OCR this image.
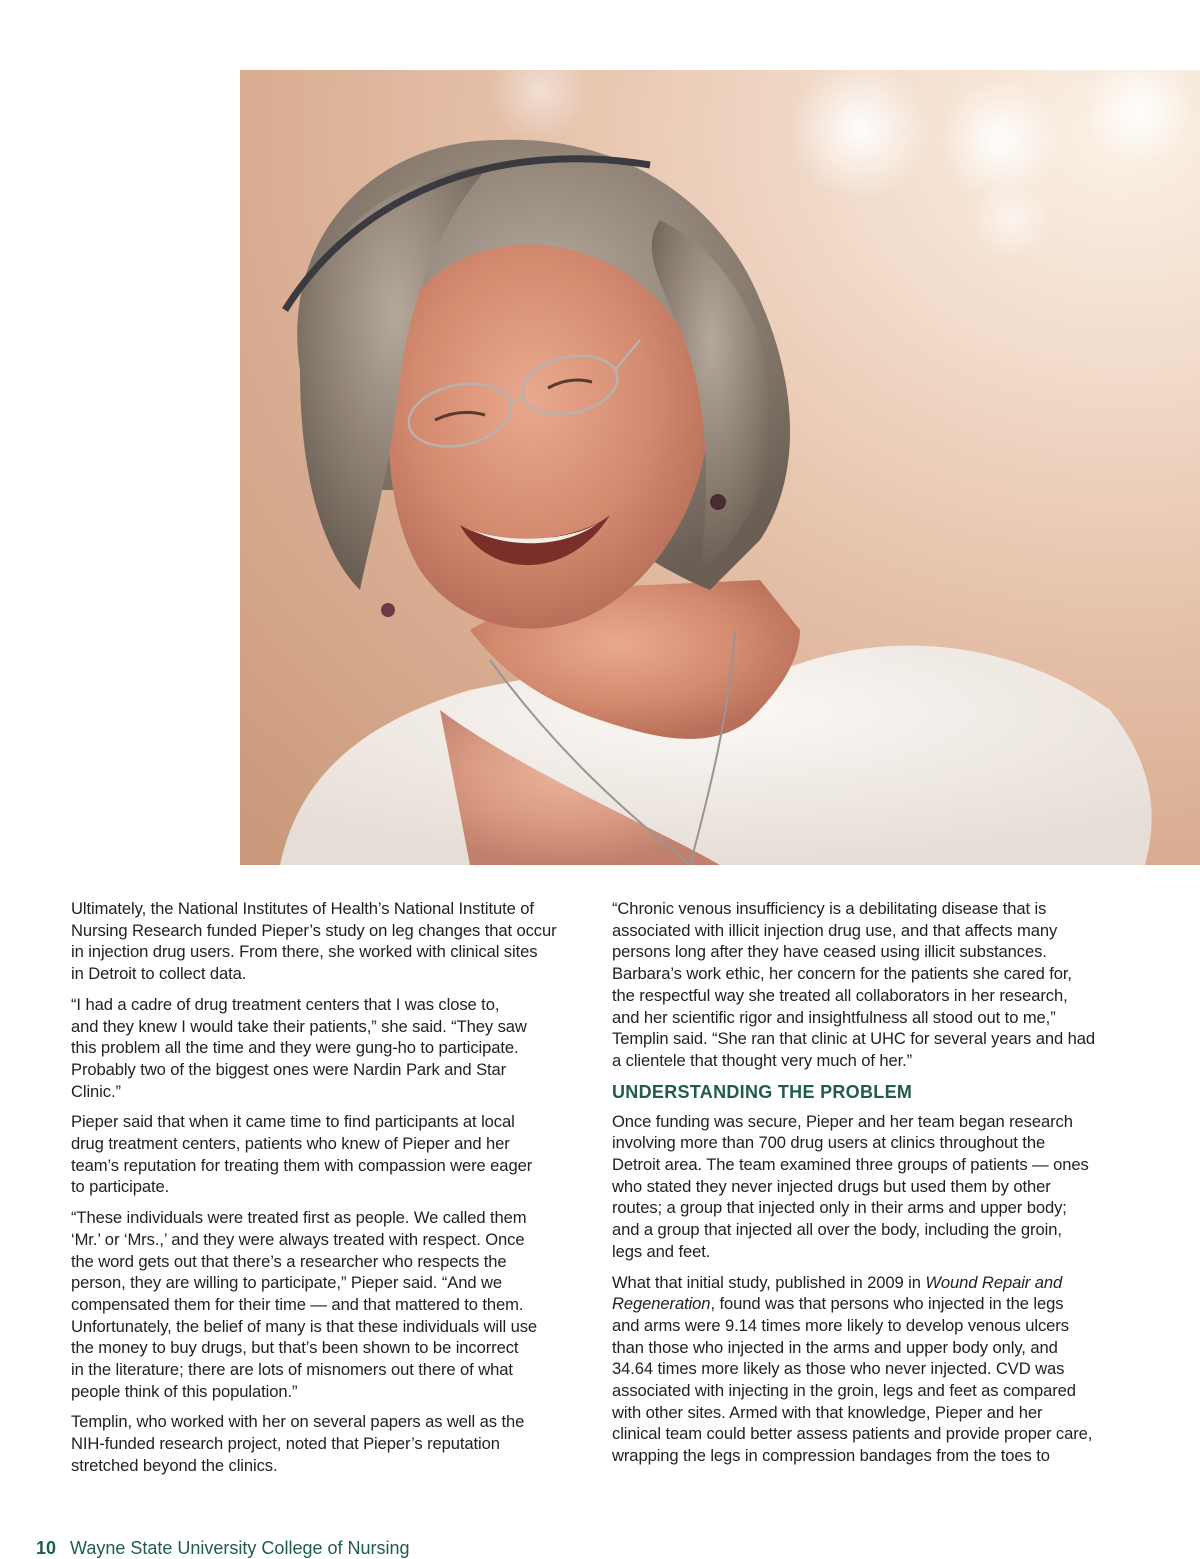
Ultimately, the National Institutes of Health’s National Institute of
Nursing Research funded Pieper’s study on leg changes that occur
in injection drug users. From there, she worked with clinical sites
in Detroit to collect data.

“I had a cadre of drug treatment centers that I was close to,
and they knew I would take their patients,” she said. “They saw
this problem all the time and they were gung-ho to participate.
Probably two of the biggest ones were Nardin Park and Star
Clinic.”

Pieper said that when it came time to find participants at local
drug treatment centers, patients who knew of Pieper and her
team’s reputation for treating them with compassion were eager
to participate.

“These individuals were treated first as people. We called them
‘Mr.’ or ‘Mrs.,’ and they were always treated with respect. Once
the word gets out that there’s a researcher who respects the
person, they are willing to participate,” Pieper said. “And we
compensated them for their time — and that mattered to them.
Unfortunately, the belief of many is that these individuals will use
the money to buy drugs, but that’s been shown to be incorrect
in the literature; there are lots of misnomers out there of what
people think of this population.”

Templin, who worked with her on several papers as well as the
NIH-funded research project, noted that Pieper’s reputation
stretched beyond the clinics.

“Chronic venous insufficiency is a debilitating disease that is
associated with illicit injection drug use, and that affects many
persons long after they have ceased using illicit substances.
Barbara’s work ethic, her concern for the patients she cared for,
the respectful way she treated all collaborators in her research,
and her scientific rigor and insightfulness all stood out to me,”
Templin said. “She ran that clinic at UHC for several years and had
a clientele that thought very much of her.”

UNDERSTANDING THE PROBLEM

Once funding was secure, Pieper and her team began research
involving more than 700 drug users at clinics throughout the
Detroit area. The team examined three groups of patients — ones
who stated they never injected drugs but used them by other
routes; a group that injected only in their arms and upper body;
and a group that injected all over the body, including the groin,
legs and feet.

What that initial study, published in 2009 in Wound Repair and
Regeneration, found was that persons who injected in the legs
and arms were 9.14 times more likely to develop venous ulcers
than those who injected in the arms and upper body only, and
34.64 times more likely as those who never injected. CVD was
associated with injecting in the groin, legs and feet as compared
with other sites. Armed with that knowledge, Pieper and her
clinical team could better assess patients and provide proper care,
wrapping the legs in compression bandages from the toes to

10 Wayne State University College of Nursing
